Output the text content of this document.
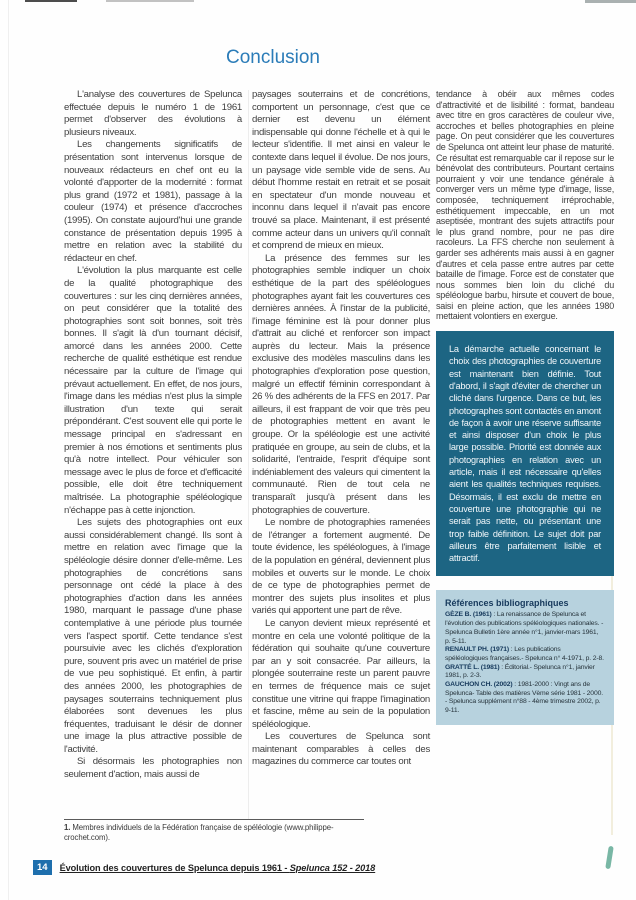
Conclusion

L'analyse des couvertures de Spelunca effectuée depuis le numéro 1 de 1961 permet d'observer des évolutions à plusieurs niveaux.

Les changements significatifs de présentation sont intervenus lorsque de nouveaux rédacteurs en chef ont eu la volonté d'apporter de la modernité : format plus grand (1972 et 1981), passage à la couleur (1974) et présence d'accroches (1995). On constate aujourd'hui une grande constance de présentation depuis 1995 à mettre en relation avec la stabilité du rédacteur en chef.

L'évolution la plus marquante est celle de la qualité photographique des couvertures : sur les cinq dernières années, on peut considérer que la totalité des photographies sont soit bonnes, soit très bonnes. Il s'agit là d'un tournant décisif, amorcé dans les années 2000. Cette recherche de qualité esthétique est rendue nécessaire par la culture de l'image qui prévaut actuellement. En effet, de nos jours, l'image dans les médias n'est plus la simple illustration d'un texte qui serait prépondérant. C'est souvent elle qui porte le message principal en s'adressant en premier à nos émotions et sentiments plus qu'à notre intellect. Pour véhiculer son message avec le plus de force et d'efficacité possible, elle doit être techniquement maîtrisée. La photographie spéléologique n'échappe pas à cette injonction.

Les sujets des photographies ont eux aussi considérablement changé. Ils sont à mettre en relation avec l'image que la spéléologie désire donner d'elle-même. Les photographies de concrétions sans personnage ont cédé la place à des photographies d'action dans les années 1980, marquant le passage d'une phase contemplative à une période plus tournée vers l'aspect sportif. Cette tendance s'est poursuivie avec les clichés d'exploration pure, souvent pris avec un matériel de prise de vue peu sophistiqué. Et enfin, à partir des années 2000, les photographies de paysages souterrains techniquement plus élaborées sont devenues les plus fréquentes, traduisant le désir de donner une image la plus attractive possible de l'activité.

Si désormais les photographies non seulement d'action, mais aussi de

paysages souterrains et de concrétions, comportent un personnage, c'est que ce dernier est devenu un élément indispensable qui donne l'échelle et à qui le lecteur s'identifie. Il met ainsi en valeur le contexte dans lequel il évolue. De nos jours, un paysage vide semble vide de sens. Au début l'homme restait en retrait et se posait en spectateur d'un monde nouveau et inconnu dans lequel il n'avait pas encore trouvé sa place. Maintenant, il est présenté comme acteur dans un univers qu'il connaît et comprend de mieux en mieux.

La présence des femmes sur les photographies semble indiquer un choix esthétique de la part des spéléologues photographes ayant fait les couvertures ces dernières années. À l'instar de la publicité, l'image féminine est là pour donner plus d'attrait au cliché et renforcer son impact auprès du lecteur. Mais la présence exclusive des modèles masculins dans les photographies d'exploration pose question, malgré un effectif féminin correspondant à 26 % des adhérents de la FFS en 2017. Par ailleurs, il est frappant de voir que très peu de photographies mettent en avant le groupe. Or la spéléologie est une activité pratiquée en groupe, au sein de clubs, et la solidarité, l'entraide, l'esprit d'équipe sont indéniablement des valeurs qui cimentent la communauté. Rien de tout cela ne transparaît jusqu'à présent dans les photographies de couverture.

Le nombre de photographies ramenées de l'étranger a fortement augmenté. De toute évidence, les spéléologues, à l'image de la population en général, deviennent plus mobiles et ouverts sur le monde. Le choix de ce type de photographies permet de montrer des sujets plus insolites et plus variés qui apportent une part de rêve.

Le canyon devient mieux représenté et montre en cela une volonté politique de la fédération qui souhaite qu'une couverture par an y soit consacrée. Par ailleurs, la plongée souterraine reste un parent pauvre en termes de fréquence mais ce sujet constitue une vitrine qui frappe l'imagination et fascine, même au sein de la population spéléologique.

Les couvertures de Spelunca sont maintenant comparables à celles des magazines du commerce car toutes ont

tendance à obéir aux mêmes codes d'attractivité et de lisibilité : format, bandeau avec titre en gros caractères de couleur vive, accroches et belles photographies en pleine page. On peut considérer que les couvertures de Spelunca ont atteint leur phase de maturité. Ce résultat est remarquable car il repose sur le bénévolat des contributeurs. Pourtant certains pourraient y voir une tendance générale à converger vers un même type d'image, lisse, composée, techniquement irréprochable, esthétiquement impeccable, en un mot aseptisée, montrant des sujets attractifs pour le plus grand nombre, pour ne pas dire racoleurs. La FFS cherche non seulement à garder ses adhérents mais aussi à en gagner d'autres et cela passe entre autres par cette bataille de l'image. Force est de constater que nous sommes bien loin du cliché du spéléologue barbu, hirsute et couvert de boue, saisi en pleine action, que les années 1980 mettaient volontiers en exergue.

La démarche actuelle concernant le choix des photographies de couverture est maintenant bien définie. Tout d'abord, il s'agit d'éviter de chercher un cliché dans l'urgence. Dans ce but, les photographes sont contactés en amont de façon à avoir une réserve suffisante et ainsi disposer d'un choix le plus large possible. Priorité est donnée aux photographies en relation avec un article, mais il est nécessaire qu'elles aient les qualités techniques requises. Désormais, il est exclu de mettre en couverture une photographie qui ne serait pas nette, ou présentant une trop faible définition. Le sujet doit par ailleurs être parfaitement lisible et attractif.

Références bibliographiques
GÈZE B. (1961) : La renaissance de Spelunca et l'évolution des publications spéléologiques nationales. - Spelunca Bulletin 1ère année n°1, janvier-mars 1961, p. 5-11.
RENAULT PH. (1971) : Les publications spéléologiques françaises.- Spelunca n° 4-1971, p. 2-8.
GRATTÉ L. (1981) : Éditorial.- Spelunca n°1, janvier 1981, p. 2-3.
GAUCHON CH. (2002) : 1981-2000 : Vingt ans de Spelunca- Table des matières Vème série 1981 - 2000. - Spelunca supplément n°88 - 4ème trimestre 2002, p. 9-11.
1. Membres individuels de la Fédération française de spéléologie (www.philippe-crochet.com).
14	Évolution des couvertures de Spelunca depuis 1961 - Spelunca 152 - 2018
